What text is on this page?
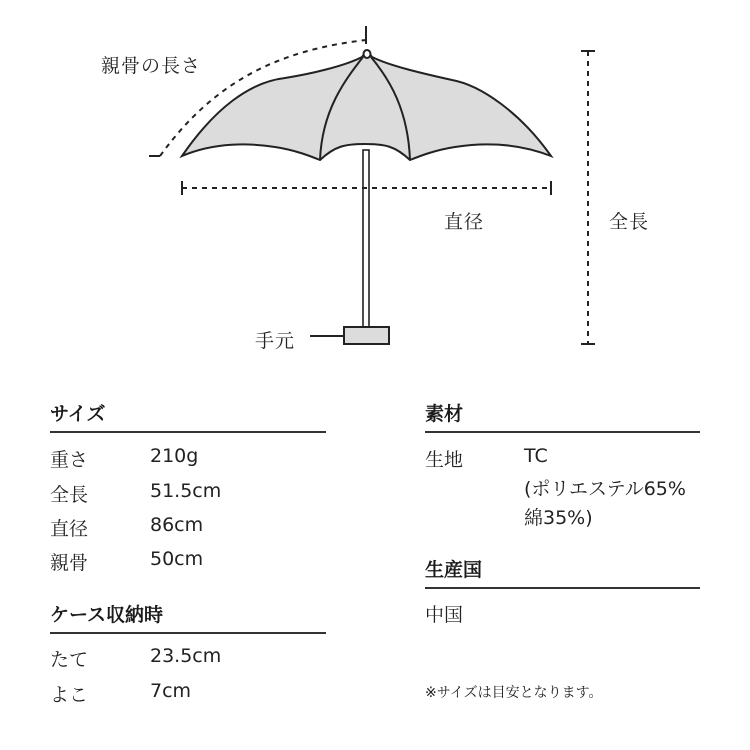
親骨の長さ
直径	全長
手元
サイズ
重さ	210g
全長	51.5cm
直径	86cm
親骨	50cm
ケース収納時
たて	23.5cm
よこ	7cm
素材
生地	TC
(ポリエステル65%
綿35%)
生産国
中国
※サイズは目安となります。
